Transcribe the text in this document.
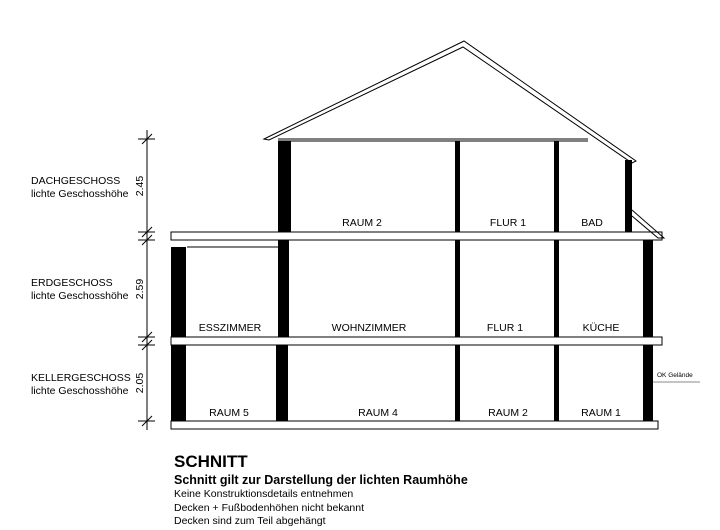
OK Gelände
2.45
2.59
2.05
RAUM 2	FLUR 1	BAD
ESSZIMMER	WOHNZIMMER	FLUR 1	KÜCHE
RAUM 5	RAUM 4	RAUM 2	RAUM 1
DACHGESCHOSS
lichte Geschosshöhe
ERDGESCHOSS
lichte Geschosshöhe
KELLERGESCHOSS
lichte Geschosshöhe
SCHNITT
Schnitt gilt zur Darstellung der lichten Raumhöhe
Keine Konstruktionsdetails entnehmen
Decken + Fußbodenhöhen nicht bekannt
Decken sind zum Teil abgehängt
